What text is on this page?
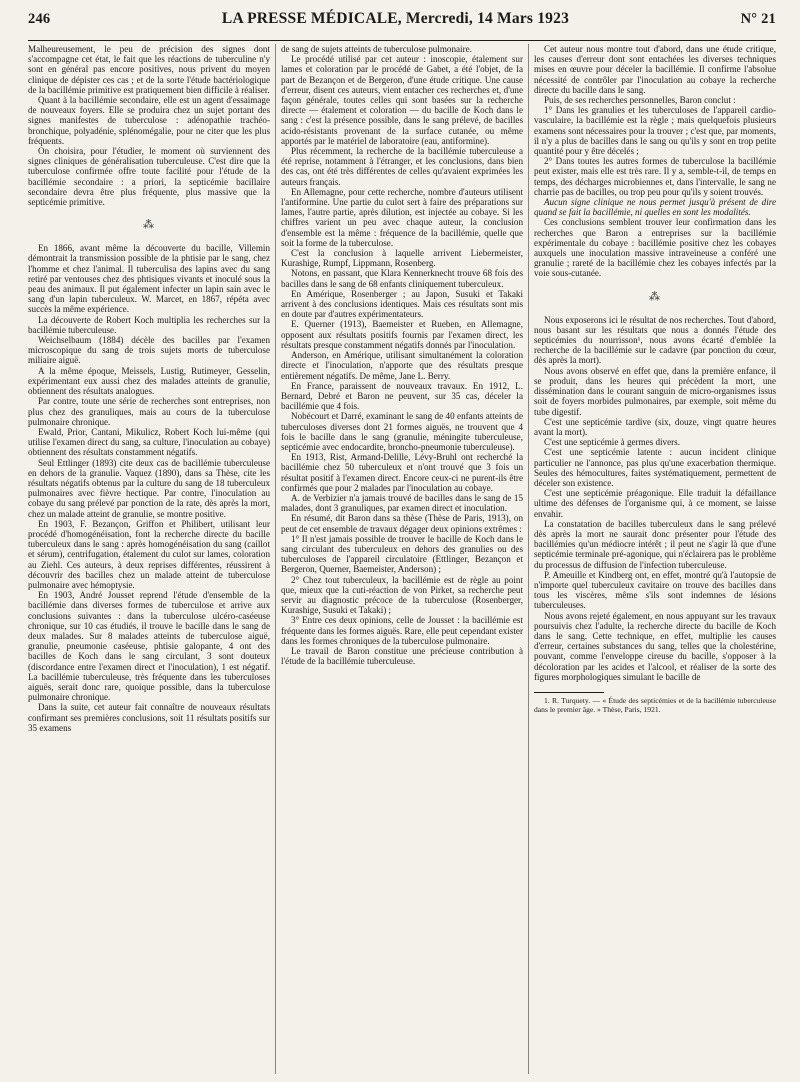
246	LA PRESSE MÉDICALE, Mercredi, 14 Mars 1923	N° 21

Malheureusement, le peu de précision des signes dont s'accompagne cet état, le fait que les réactions de tuberculine n'y sont en général pas encore positives, nous privent du moyen clinique de dépister ces cas ; et de la sorte l'étude bactériologique de la bacillémie primitive est pratiquement bien difficile à réaliser.

Quant à la bacillémie secondaire, elle est un agent d'essaimage de nouveaux foyers. Elle se produira chez un sujet portant des signes manifestes de tuberculose : adénopathie trachéo-bronchique, polyadénie, splénomégalie, pour ne citer que les plus fréquents.

On choisira, pour l'étudier, le moment où surviennent des signes cliniques de généralisation tuberculeuse. C'est dire que la tuberculose confirmée offre toute facilité pour l'étude de la bacillémie secondaire : a priori, la septicémie bacillaire secondaire devra être plus fréquente, plus massive que la septicémie primitive.

⁂

En 1866, avant même la découverte du bacille, Villemin démontrait la transmission possible de la phtisie par le sang, chez l'homme et chez l'animal. Il tuberculisa des lapins avec du sang retiré par ventouses chez des phtisiques vivants et inoculé sous la peau des animaux. Il put également infecter un lapin sain avec le sang d'un lapin tuberculeux. W. Marcet, en 1867, répéta avec succès la même expérience.

La découverte de Robert Koch multiplia les recherches sur la bacillémie tuberculeuse.

Weichselbaum (1884) décèle des bacilles par l'examen microscopique du sang de trois sujets morts de tuberculose miliaire aiguë.

A la même époque, Meissels, Lustig, Rutimeyer, Gesselin, expérimentant eux aussi chez des malades atteints de granulie, obtiennent des résultats analogues.

Par contre, toute une série de recherches sont entreprises, non plus chez des granuliques, mais au cours de la tuberculose pulmonaire chronique.

Ewald, Prior, Cantani, Mikulicz, Robert Koch lui-même (qui utilise l'examen direct du sang, sa culture, l'inoculation au cobaye) obtiennent des résultats constamment négatifs.

Seul Ettlinger (1893) cite deux cas de bacillémie tuberculeuse en dehors de la granulie. Vaquez (1890), dans sa Thèse, cite les résultats négatifs obtenus par la culture du sang de 18 tuberculeux pulmonaires avec fièvre hectique. Par contre, l'inoculation au cobaye du sang prélevé par ponction de la rate, dès après la mort, chez un malade atteint de granulie, se montre positive.

En 1903, F. Bezançon, Griffon et Philibert, utilisant leur procédé d'homogénéisation, font la recherche directe du bacille tuberculeux dans le sang : après homogénéisation du sang (caillot et sérum), centrifugation, étalement du culot sur lames, coloration au Ziehl. Ces auteurs, à deux reprises différentes, réussirent à découvrir des bacilles chez un malade atteint de tuberculose pulmonaire avec hémoptysie.

En 1903, André Jousset reprend l'étude d'ensemble de la bacillémie dans diverses formes de tuberculose et arrive aux conclusions suivantes : dans la tuberculose ulcéro-caséeuse chronique, sur 10 cas étudiés, il trouve le bacille dans le sang de deux malades. Sur 8 malades atteints de tuberculose aiguë, granulie, pneumonie caséeuse, phtisie galopante, 4 ont des bacilles de Koch dans le sang circulant, 3 sont douteux (discordance entre l'examen direct et l'inoculation), 1 est négatif. La bacillémie tuberculeuse, très fréquente dans les tuberculoses aiguës, serait donc rare, quoique possible, dans la tuberculose pulmonaire chronique.

Dans la suite, cet auteur fait connaître de nouveaux résultats confirmant ses premières conclusions, soit 11 résultats positifs sur 35 examens

de sang de sujets atteints de tuberculose pulmonaire.

Le procédé utilisé par cet auteur : inoscopie, étalement sur lames et coloration par le procédé de Gabet, a été l'objet, de la part de Bezançon et de Bergeron, d'une étude critique. Une cause d'erreur, disent ces auteurs, vient entacher ces recherches et, d'une façon générale, toutes celles qui sont basées sur la recherche directe — étalement et coloration — du bacille de Koch dans le sang : c'est la présence possible, dans le sang prélevé, de bacilles acido-résistants provenant de la surface cutanée, ou même apportés par le matériel de laboratoire (eau, antiformine).

Plus récemment, la recherche de la bacillémie tuberculeuse a été reprise, notamment à l'étranger, et les conclusions, dans bien des cas, ont été très différentes de celles qu'avaient exprimées les auteurs français.

En Allemagne, pour cette recherche, nombre d'auteurs utilisent l'antiformine. Une partie du culot sert à faire des préparations sur lames, l'autre partie, après dilution, est injectée au cobaye. Si les chiffres varient un peu avec chaque auteur, la conclusion d'ensemble est la même : fréquence de la bacillémie, quelle que soit la forme de la tuberculose.

C'est la conclusion à laquelle arrivent Liebermeister, Kurashige, Rumpf, Lippmann, Rosenberg.

Notons, en passant, que Klara Kennerknecht trouve 68 fois des bacilles dans le sang de 68 enfants cliniquement tuberculeux.

En Amérique, Rosenberger ; au Japon, Susuki et Takaki arrivent à des conclusions identiques. Mais ces résultats sont mis en doute par d'autres expérimentateurs.

E. Querner (1913), Baemeister et Rueben, en Allemagne, opposent aux résultats positifs fournis par l'examen direct, les résultats presque constamment négatifs donnés par l'inoculation.

Anderson, en Amérique, utilisant simultanément la coloration directe et l'inoculation, n'apporte que des résultats presque entièrement négatifs. De même, Jane L. Berry.

En France, paraissent de nouveaux travaux. En 1912, L. Bernard, Debré et Baron ne peuvent, sur 35 cas, déceler la bacillémie que 4 fois.

Nobécourt et Darré, examinant le sang de 40 enfants atteints de tuberculoses diverses dont 21 formes aiguës, ne trouvent que 4 fois le bacille dans le sang (granulie, méningite tuberculeuse, septicémie avec endocardite, broncho-pneumonie tuberculeuse).

En 1913, Rist, Armand-Delille, Lévy-Bruhl ont recherché la bacillémie chez 50 tuberculeux et n'ont trouvé que 3 fois un résultat positif à l'examen direct. Encore ceux-ci ne purent-ils être confirmés que pour 2 malades par l'inoculation au cobaye.

A. de Verbizier n'a jamais trouvé de bacilles dans le sang de 15 malades, dont 3 granuliques, par examen direct et inoculation.

En résumé, dit Baron dans sa thèse (Thèse de Paris, 1913), on peut de cet ensemble de travaux dégager deux opinions extrêmes :

1° Il n'est jamais possible de trouver le bacille de Koch dans le sang circulant des tuberculeux en dehors des granulies ou des tuberculoses de l'appareil circulatoire (Ettlinger, Bezançon et Bergeron, Querner, Baemeister, Anderson) ;

2° Chez tout tuberculeux, la bacillémie est de règle au point que, mieux que la cuti-réaction de von Pirket, sa recherche peut servir au diagnostic précoce de la tuberculose (Rosenberger, Kurashige, Susuki et Takaki) ;

3° Entre ces deux opinions, celle de Jousset : la bacillémie est fréquente dans les formes aiguës. Rare, elle peut cependant exister dans les formes chroniques de la tuberculose pulmonaire.

Le travail de Baron constitue une précieuse contribution à l'étude de la bacillémie tuberculeuse.

Cet auteur nous montre tout d'abord, dans une étude critique, les causes d'erreur dont sont entachées les diverses techniques mises en œuvre pour déceler la bacillémie. Il confirme l'absolue nécessité de contrôler par l'inoculation au cobaye la recherche directe du bacille dans le sang.

Puis, de ses recherches personnelles, Baron conclut :

1° Dans les granulies et les tuberculoses de l'appareil cardio-vasculaire, la bacillémie est la règle ; mais quelquefois plusieurs examens sont nécessaires pour la trouver ; c'est que, par moments, il n'y a plus de bacilles dans le sang ou qu'ils y sont en trop petite quantité pour y être décelés ;

2° Dans toutes les autres formes de tuberculose la bacillémie peut exister, mais elle est très rare. Il y a, semble-t-il, de temps en temps, des décharges microbiennes et, dans l'intervalle, le sang ne charrie pas de bacilles, ou trop peu pour qu'ils y soient trouvés.

Aucun signe clinique ne nous permet jusqu'à présent de dire quand se fait la bacillémie, ni quelles en sont les modalités.

Ces conclusions semblent trouver leur confirmation dans les recherches que Baron a entreprises sur la bacillémie expérimentale du cobaye : bacillémie positive chez les cobayes auxquels une inoculation massive intraveineuse a conféré une granulie ; rareté de la bacillémie chez les cobayes infectés par la voie sous-cutanée.

⁂

Nous exposerons ici le résultat de nos recherches. Tout d'abord, nous basant sur les résultats que nous a donnés l'étude des septicémies du nourrisson¹, nous avons écarté d'emblée la recherche de la bacillémie sur le cadavre (par ponction du cœur, dès après la mort).

Nous avons observé en effet que, dans la première enfance, il se produit, dans les heures qui précèdent la mort, une dissémination dans le courant sanguin de micro-organismes issus soit de foyers morbides pulmonaires, par exemple, soit même du tube digestif.

C'est une septicémie tardive (six, douze, vingt quatre heures avant la mort).

C'est une septicémie à germes divers.

C'est une septicémie latente : aucun incident clinique particulier ne l'annonce, pas plus qu'une exacerbation thermique. Seules des hémocultures, faites systématiquement, permettent de déceler son existence.

C'est une septicémie préagonique. Elle traduit la défaillance ultime des défenses de l'organisme qui, à ce moment, se laisse envahir.

La constatation de bacilles tuberculeux dans le sang prélevé dès après la mort ne saurait donc présenter pour l'étude des bacillémies qu'un médiocre intérêt ; il peut ne s'agir là que d'une septicémie terminale pré-agonique, qui n'éclairera pas le problème du processus de diffusion de l'infection tuberculeuse.

P. Ameuille et Kindberg ont, en effet, montré qu'à l'autopsie de n'importe quel tuberculeux cavitaire on trouve des bacilles dans tous les viscères, même s'ils sont indemnes de lésions tuberculeuses.

Nous avons rejeté également, en nous appuyant sur les travaux poursuivis chez l'adulte, la recherche directe du bacille de Koch dans le sang. Cette technique, en effet, multiplie les causes d'erreur, certaines substances du sang, telles que la cholestérine, pouvant, comme l'enveloppe cireuse du bacille, s'opposer à la décoloration par les acides et l'alcool, et réaliser de la sorte des figures morphologiques simulant le bacille de

1. R. Turquety. — « Étude des septicémies et de la bacillémie tuberculeuse dans le premier âge. » Thèse, Paris, 1921.
